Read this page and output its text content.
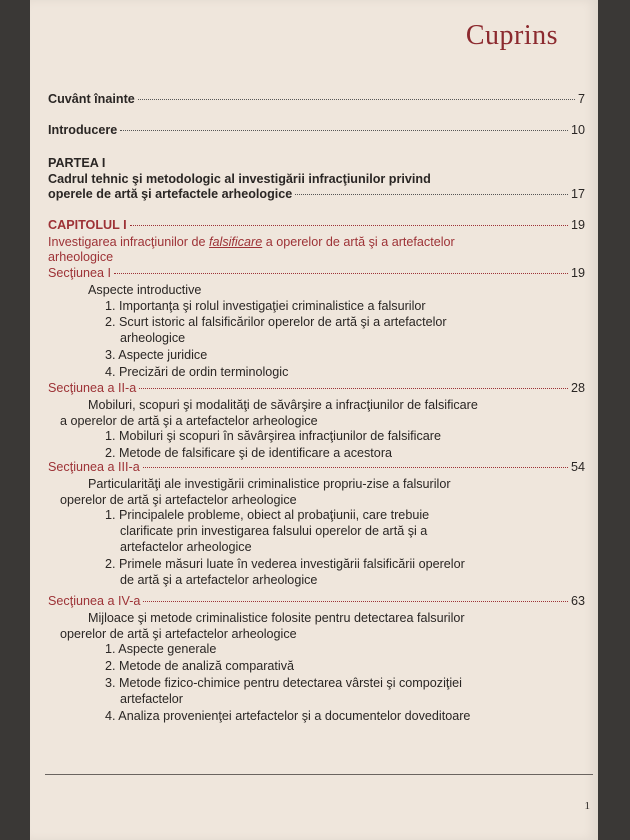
Cuprins
Cuvânt înainte	7
Introducere	10
PARTEA I
Cadrul tehnic şi metodologic al investigării infracţiunilor privind
operele de artă şi artefactele arheologice	17
CAPITOLUL I	19
Investigarea infracţiunilor de falsificare a operelor de artă şi a artefactelor
arheologice
Secţiunea I	19
Aspecte introductive
1. Importanţa şi rolul investigaţiei criminalistice a falsurilor
2. Scurt istoric al falsificărilor operelor de artă şi a artefactelor
arheologice
3. Aspecte juridice
4. Precizări de ordin terminologic
Secţiunea a II-a	28
Mobiluri, scopuri şi modalităţi de săvârşire a infracţiunilor de falsificare
a operelor de artă şi a artefactelor arheologice
1. Mobiluri şi scopuri în săvârşirea infracţiunilor de falsificare
2. Metode de falsificare şi de identificare a acestora
Secţiunea a III-a	54
Particularităţi ale investigării criminalistice propriu-zise a falsurilor
operelor de artă şi artefactelor arheologice
1. Principalele probleme, obiect al probaţiunii, care trebuie
clarificate prin investigarea falsului operelor de artă şi a
artefactelor arheologice
2. Primele măsuri luate în vederea investigării falsificării operelor
de artă şi a artefactelor arheologice
Secţiunea a IV-a	63
Mijloace şi metode criminalistice folosite pentru detectarea falsurilor
operelor de artă şi artefactelor arheologice
1. Aspecte generale
2. Metode de analiză comparativă
3. Metode fizico-chimice pentru detectarea vârstei şi compoziţiei
artefactelor
4. Analiza provenienţei artefactelor şi a documentelor doveditoare
1
